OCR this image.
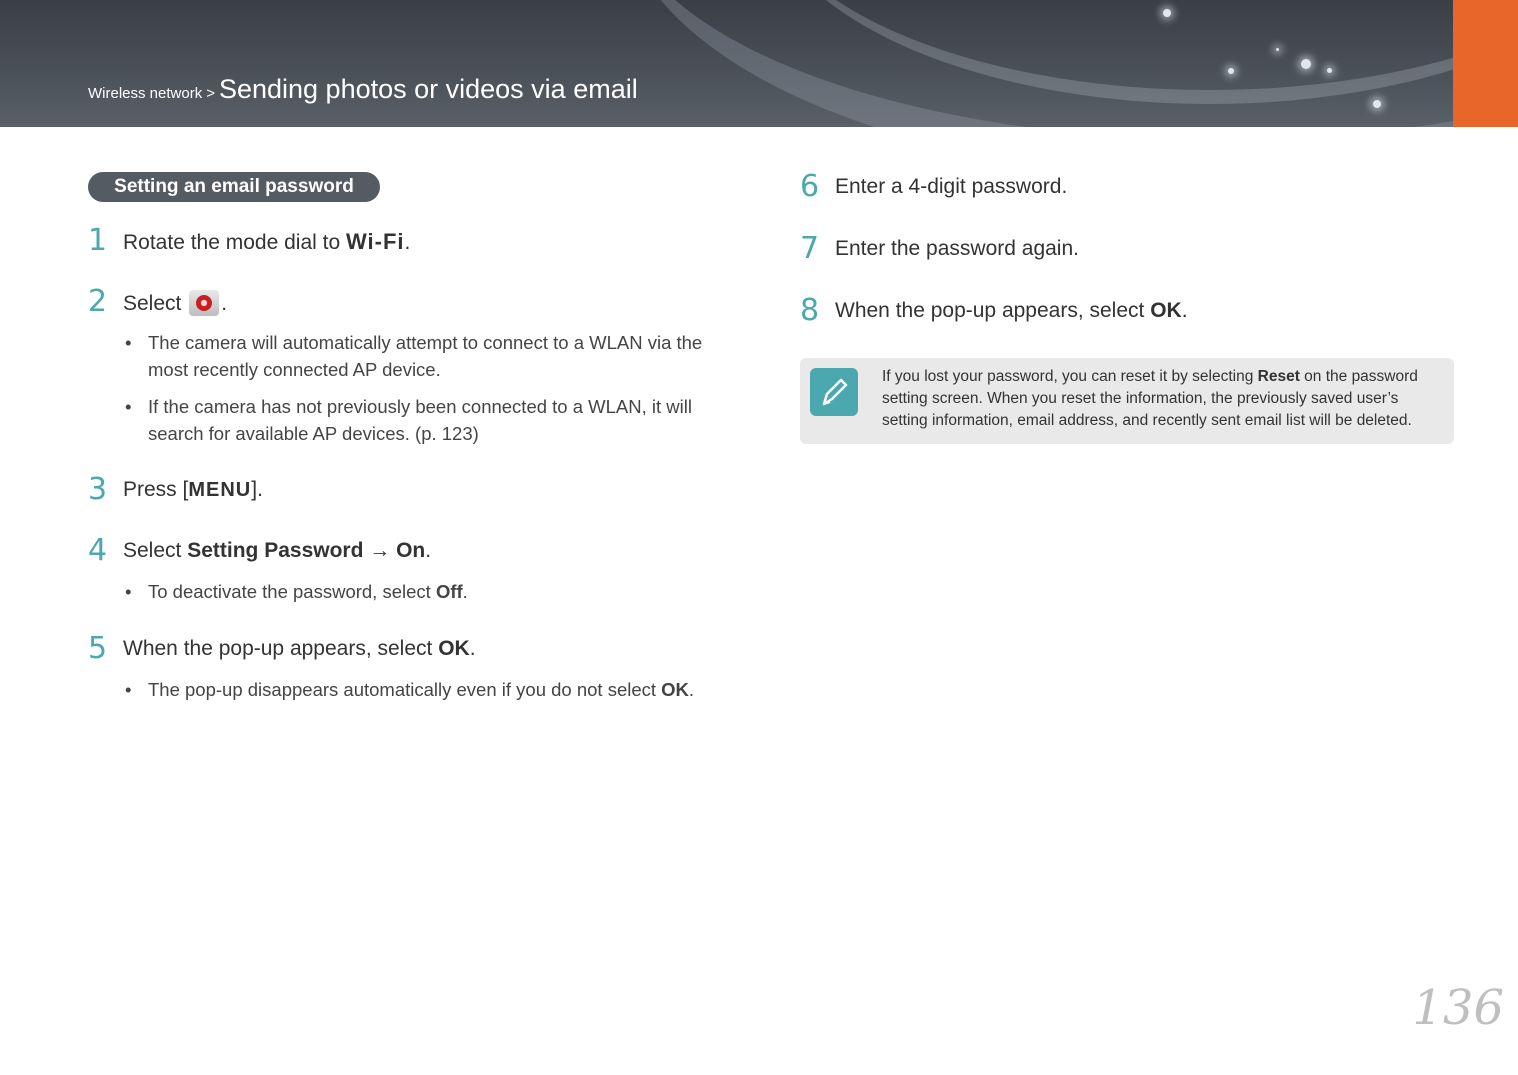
Wireless network > Sending photos or videos via email
Setting an email password
1 Rotate the mode dial to Wi-Fi.
2 Select .
• The camera will automatically attempt to connect to a WLAN via the most recently connected AP device.
• If the camera has not previously been connected to a WLAN, it will search for available AP devices. (p. 123)
3 Press [MENU].
4 Select Setting Password → On.
• To deactivate the password, select Off.
5 When the pop-up appears, select OK.
• The pop-up disappears automatically even if you do not select OK.
6 Enter a 4-digit password.
7 Enter the password again.
8 When the pop-up appears, select OK.
If you lost your password, you can reset it by selecting Reset on the password setting screen. When you reset the information, the previously saved user’s setting information, email address, and recently sent email list will be deleted.
136
